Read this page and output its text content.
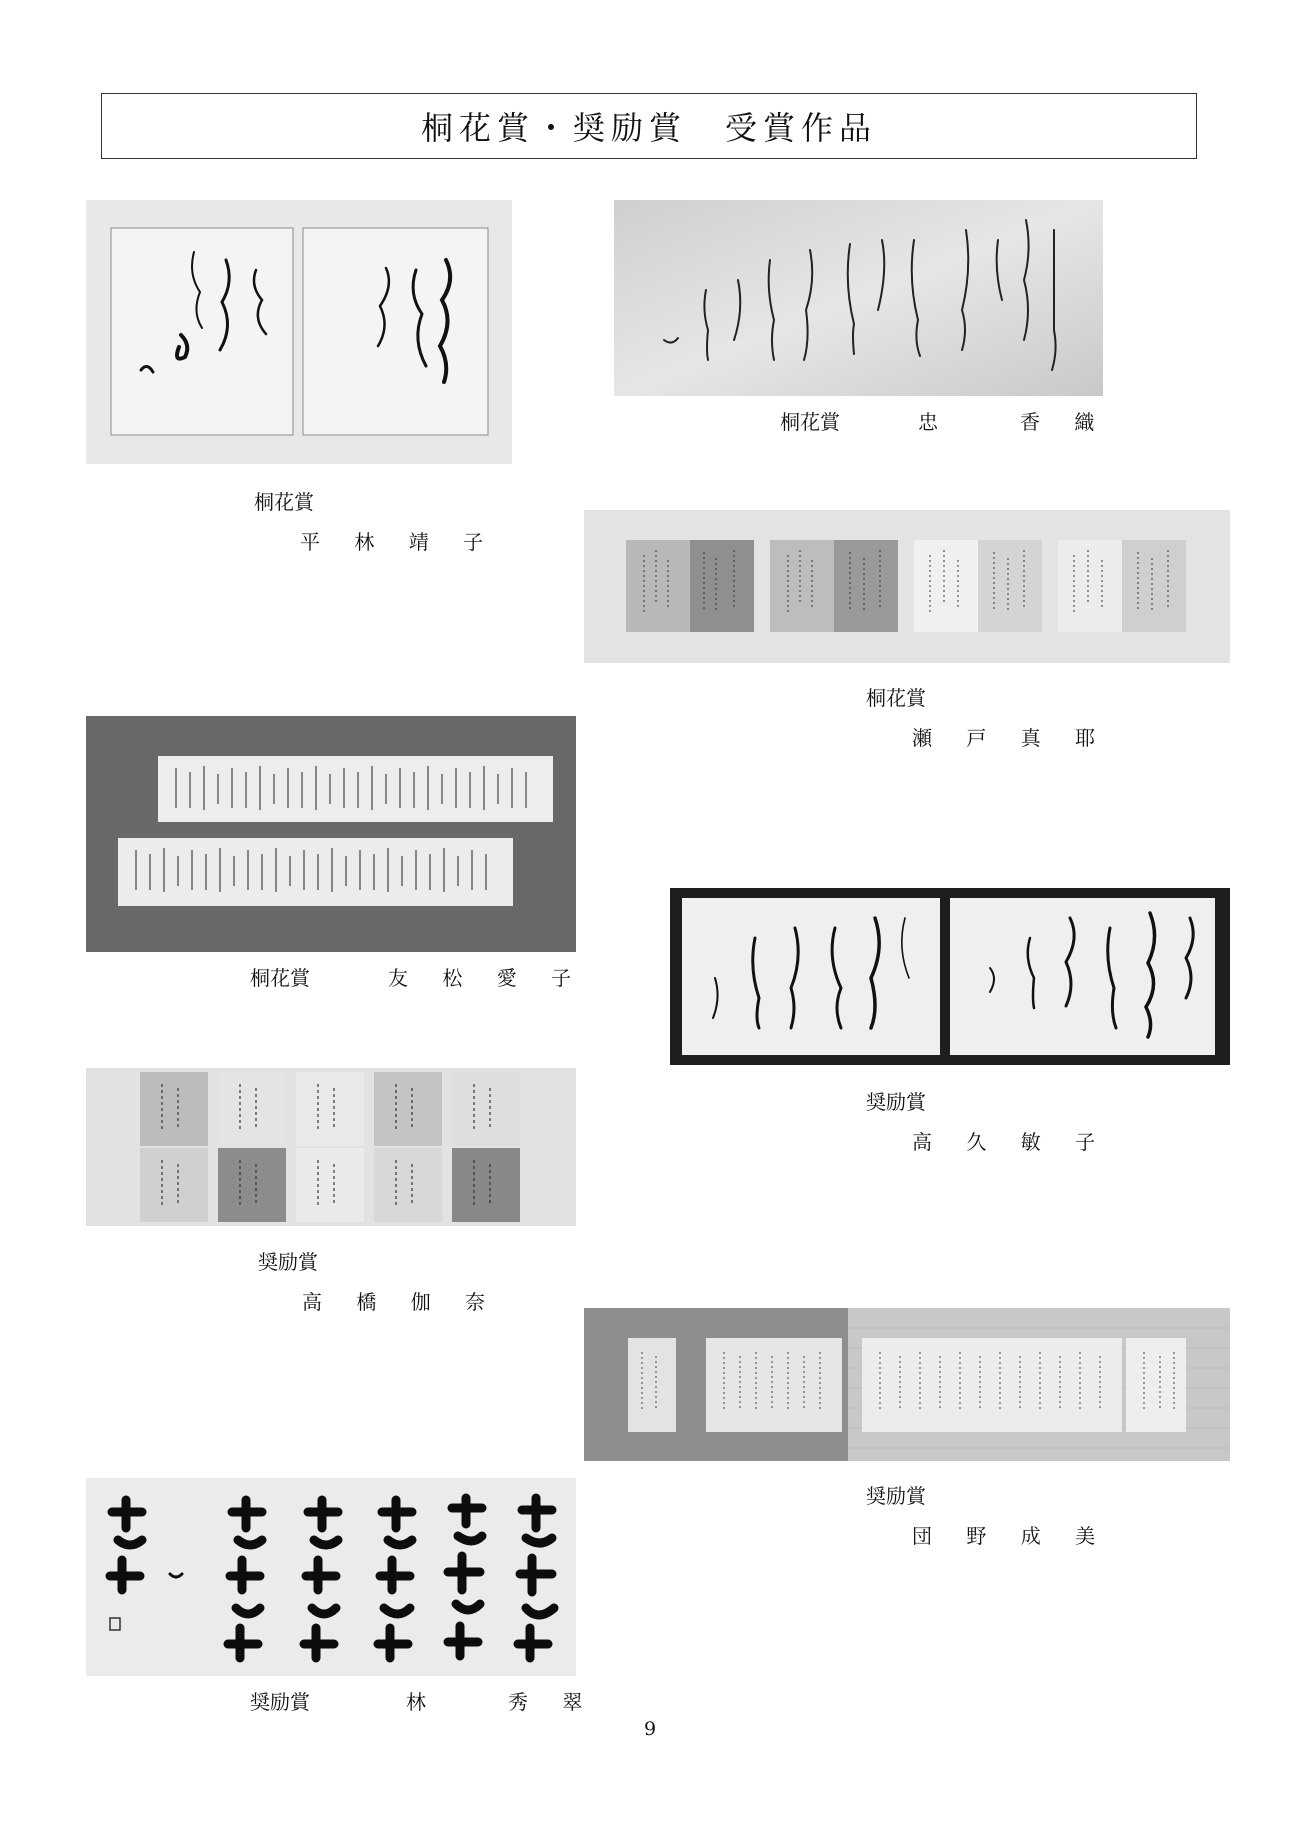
桐花賞・奨励賞　受賞作品
桐花賞
平 林 靖 子
桐花賞	忠　　香 織
桐花賞
瀬 戸 真 耶
桐花賞	友 松 愛 子
奨励賞
高 久 敏 子
奨励賞
高 橋 伽 奈
奨励賞
団 野 成 美
奨励賞	林　　秀 翠
9
